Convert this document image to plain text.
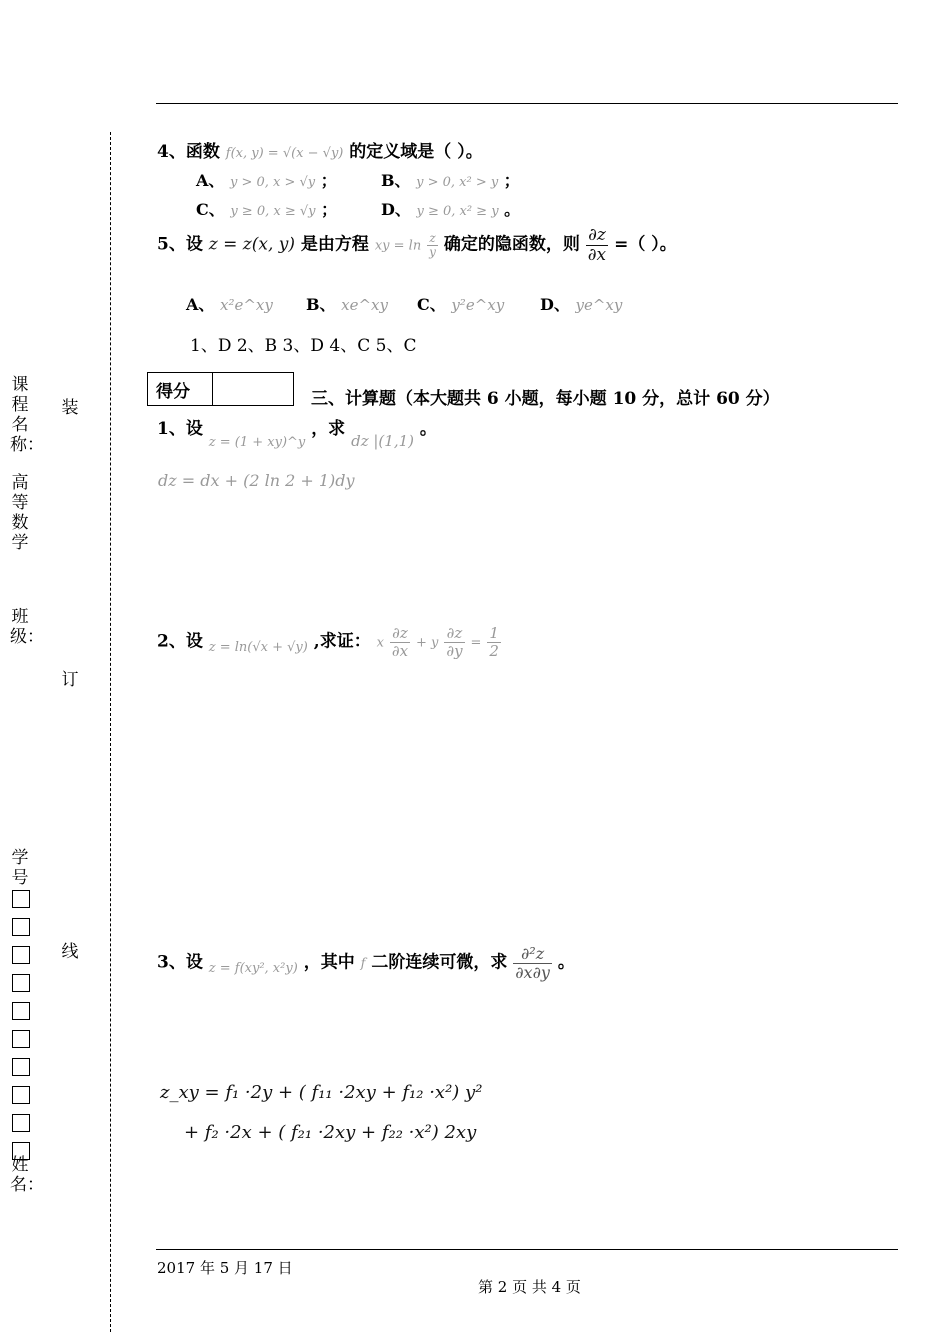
装
订
线
课程名称：
高等数学
班级：
学号
姓名：
4、函数 f(x, y) = √(x − √y) 的定义域是（ ）。
A、 y > 0, x > √y ；	B、 y > 0, x² > y ；
C、 y ≥ 0, x ≥ √y ；	D、 y ≥ 0, x² ≥ y 。
5、设 z = z(x, y) 是由方程 xy = $\ln \frac{z}{y}$ 确定的隐函数，则 $\frac{\partial z}{\partial x}$ =（ ）。
A、 x²e^xy B、 xe^xy C、 y²e^xy D、 ye^xy
1、D 2、B 3、D 4、C 5、C
得分		三、计算题（本大题共 6 小题，每小题 10 分，总计 60 分）
1、设 $_{z = (1 + xy)\^{}y}$ ，求 dz |(1,1) 。
dz = dx + (2 ln 2 + 1)dy
2、设 $_{z = ln(√x + √y)}$ ,求证： x $\frac{\partial z}{\partial x} + y \frac{\partial z}{\partial y} = \frac{1}{2}$
3、设 $_{z = f(xy^2, x^2y)}$ ，其中 f 二阶连续可微，求 $\frac{\text{∂²z}}{\partial x\partial y}$ 。
z_xy = f₁ ·2y + ( f₁₁ ·2xy + f₁₂ ·x²) y²
+ f₂ ·2x + ( f₂₁ ·2xy + f₂₂ ·x²) 2xy
2017 年 5 月 17 日
第 2 页 共 4 页
